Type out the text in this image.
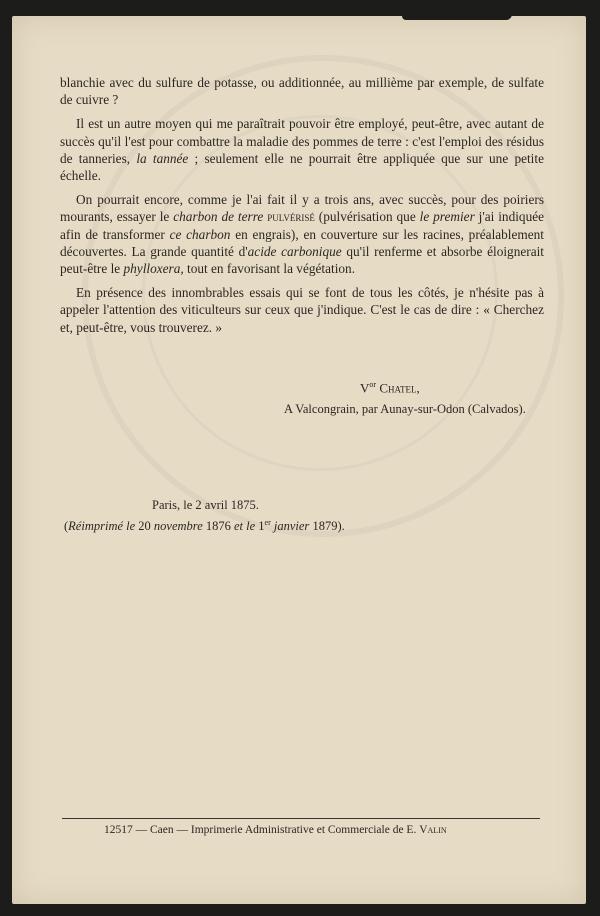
blanchie avec du sulfure de potasse, ou additionnée, au millième par exemple, de sulfate de cuivre ?

Il est un autre moyen qui me paraîtrait pouvoir être employé, peut-être, avec autant de succès qu'il l'est pour combattre la maladie des pommes de terre : c'est l'emploi des résidus de tanneries, la tannée ; seulement elle ne pourrait être appliquée que sur une petite échelle.

On pourrait encore, comme je l'ai fait il y a trois ans, avec succès, pour des poiriers mourants, essayer le charbon de terre pulvérisé (pulvérisation que le premier j'ai indiquée afin de transformer ce charbon en engrais), en couverture sur les racines, préalablement découvertes. La grande quantité d'acide carbonique qu'il renferme et absorbe éloignerait peut-être le phylloxera, tout en favorisant la végétation.

En présence des innombrables essais qui se font de tous les côtés, je n'hésite pas à appeler l'attention des viticulteurs sur ceux que j'indique. C'est le cas de dire : « Cherchez et, peut-être, vous trouverez. »

$V^{or}$ Chatel,
A Valcongrain, par Aunay-sur-Odon (Calvados).
Paris, le 2 avril 1875.
(Réimprimé le 20 novembre 1876 et le 1er janvier 1879).
12517 — Caen — Imprimerie Administrative et Commerciale de E. Valin
